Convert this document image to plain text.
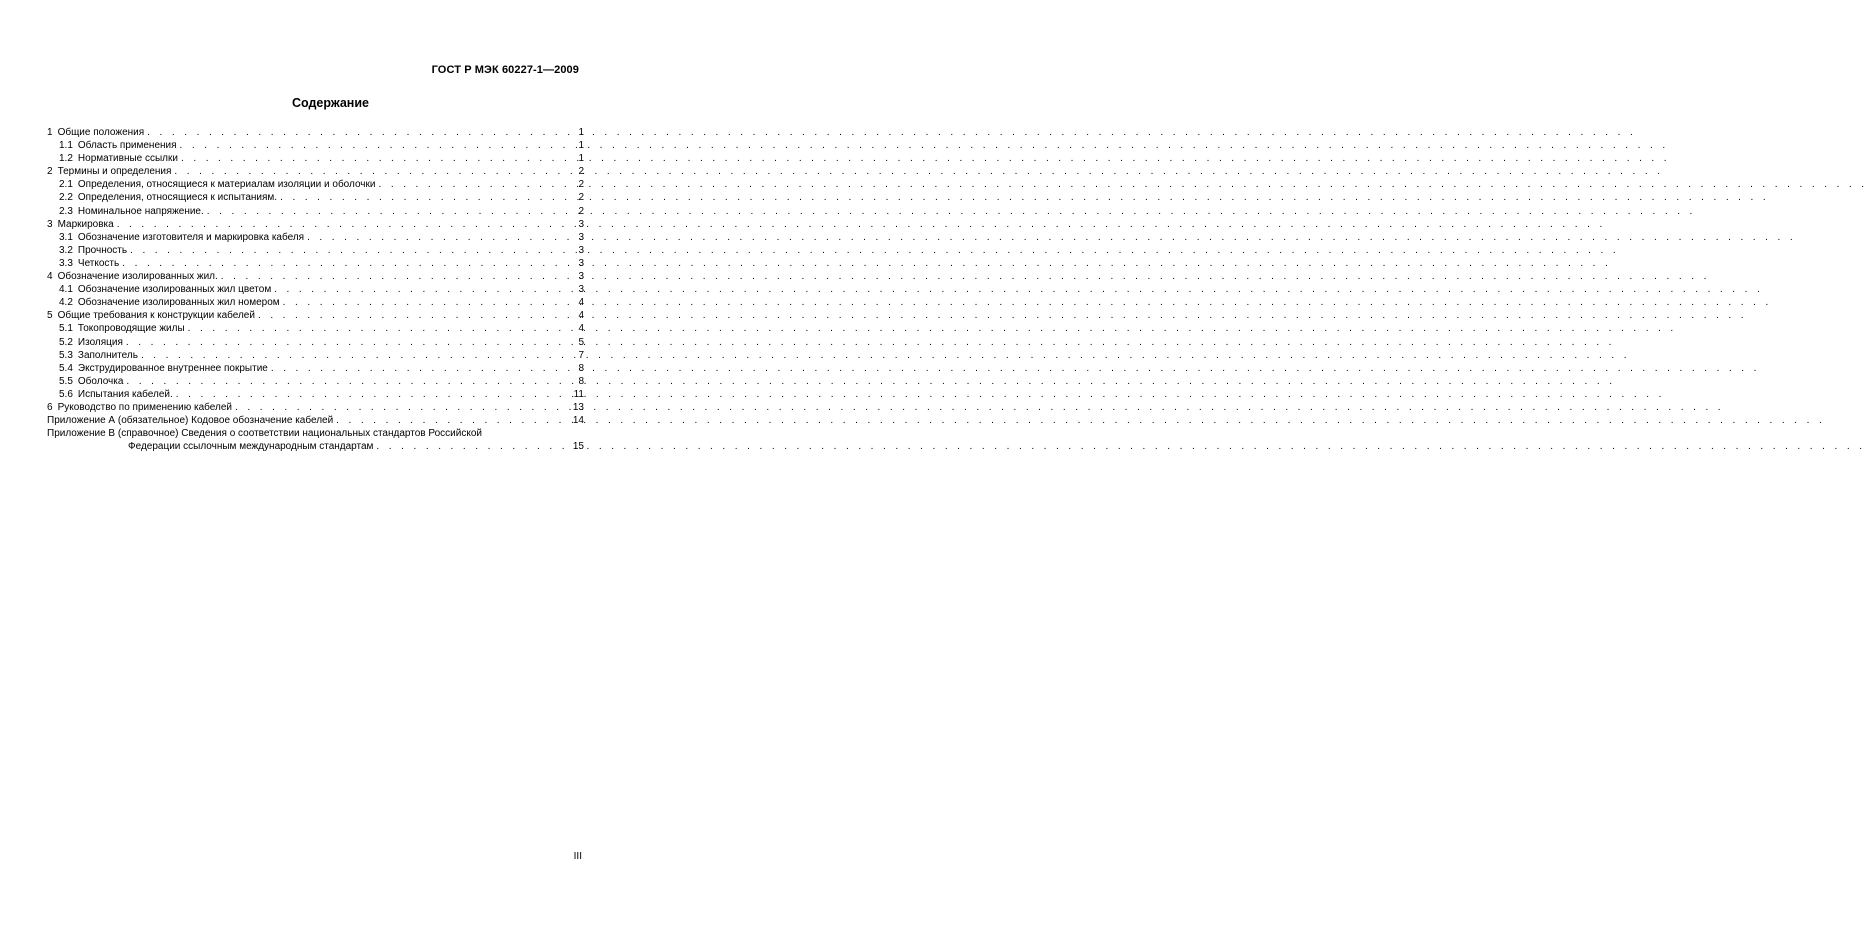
ГОСТ Р МЭК 60227-1—2009
Содержание
1 Общие положения . . .	1
1.1 Область применения . . .	1
1.2 Нормативные ссылки . . .	1
2 Термины и определения . . .	2
2.1 Определения, относящиеся к материалам изоляции и оболочки . . .	2
2.2 Определения, относящиеся к испытаниям. . . .	2
2.3 Номинальное напряжение. . . .	2
3 Маркировка . . .	3
3.1 Обозначение изготовителя и маркировка кабеля . . .	3
3.2 Прочность . . .	3
3.3 Четкость . . .	3
4 Обозначение изолированных жил. . . .	3
4.1 Обозначение изолированных жил цветом . . .	3
4.2 Обозначение изолированных жил номером . . .	4
5 Общие требования к конструкции кабелей . . .	4
5.1 Токопроводящие жилы . . .	4
5.2 Изоляция . . .	5
5.3 Заполнитель . . .	7
5.4 Экструдированное внутреннее покрытие . . .	8
5.5 Оболочка . . .	8
5.6 Испытания кабелей. . . .	11
6 Руководство по применению кабелей . . .	13
Приложение А (обязательное) Кодовое обозначение кабелей . . .	14
Приложение В (справочное) Сведения о соответствии национальных стандартов Российской
Федерации ссылочным международным стандартам . . .	15
III
